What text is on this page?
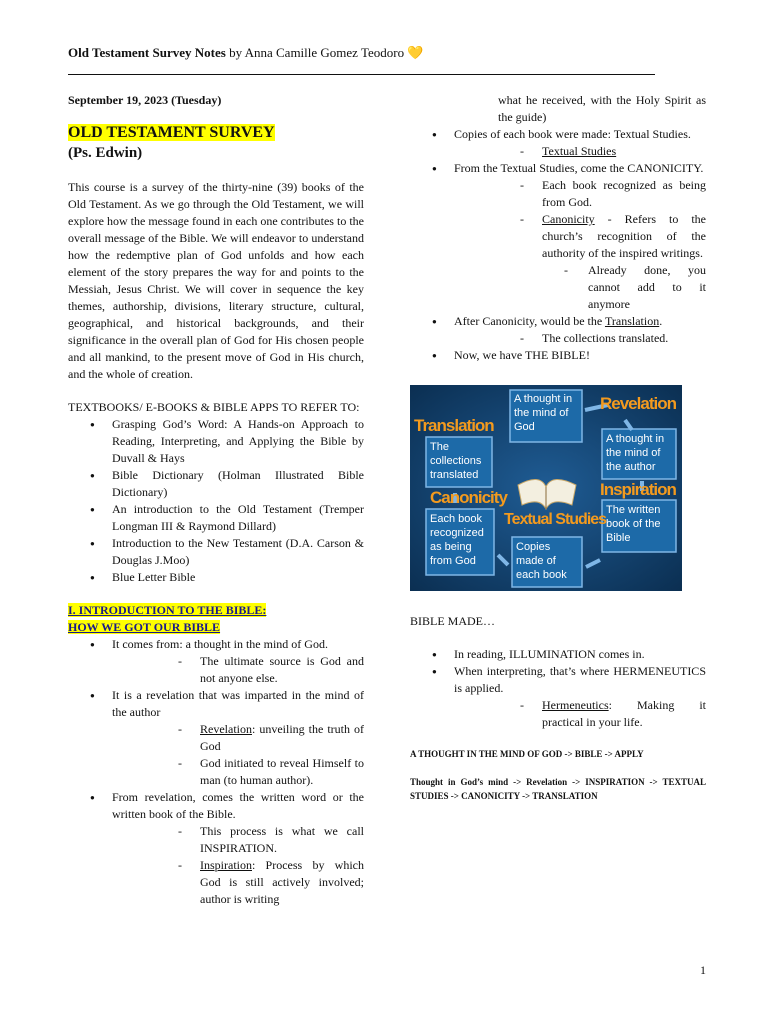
Old Testament Survey Notes by Anna Camille Gomez Teodoro 💛
September 19, 2023 (Tuesday)
OLD TESTAMENT SURVEY
(Ps. Edwin)
This course is a survey of the thirty-nine (39) books of the Old Testament. As we go through the Old Testament, we will explore how the message found in each one contributes to the overall message of the Bible. We will endeavor to understand how the redemptive plan of God unfolds and how each element of the story prepares the way for and points to the Messiah, Jesus Christ. We will cover in sequence the key themes, authorship, divisions, literary structure, cultural, geographical, and historical backgrounds, and their significance in the overall plan of God for His chosen people and all mankind, to the present move of God in His church, and the whole of creation.
TEXTBOOKS/ E-BOOKS & BIBLE APPS TO REFER TO:
● Grasping God’s Word: A Hands-on Approach to Reading, Interpreting, and Applying the Bible by Duvall & Hays
● Bible Dictionary (Holman Illustrated Bible Dictionary)
● An introduction to the Old Testament (Tremper Longman III & Raymond Dillard)
● Introduction to the New Testament (D.A. Carson & Douglas J.Moo)
● Blue Letter Bible
I. INTRODUCTION TO THE BIBLE:
HOW WE GOT OUR BIBLE
● It comes from: a thought in the mind of God.
- The ultimate source is God and not anyone else.
● It is a revelation that was imparted in the mind of the author
- Revelation: unveiling the truth of God
- God initiated to reveal Himself to man (to human author).
● From revelation, comes the written word or the written book of the Bible.
- This process is what we call INSPIRATION.
- Inspiration: Process by which God is still actively involved; author is writing
what he received, with the Holy Spirit as the guide)
● Copies of each book were made: Textual Studies.
- Textual Studies
● From the Textual Studies, come the CANONICITY.
- Each book recognized as being from God.
- Canonicity - Refers to the church’s recognition of the authority of the inspired writings.
- Already done, you cannot add to it anymore
● After Canonicity, would be the Translation.
- The collections translated.
● Now, we have THE BIBLE!
A thought in the mind of God
Revelation
A thought in the mind of the author
Translation
The collections translated
Canonicity
Each book recognized as being from God
Textual Studies
Copies made of each book
Inspiration
The written book of the Bible
BIBLE MADE…
● In reading, ILLUMINATION comes in.
● When interpreting, that’s where HERMENEUTICS is applied.
- Hermeneutics: Making it practical in your life.
A THOUGHT IN THE MIND OF GOD -> BIBLE -> APPLY
Thought in God’s mind -> Revelation -> INSPIRATION -> TEXTUAL STUDIES -> CANONICITY -> TRANSLATION
1
